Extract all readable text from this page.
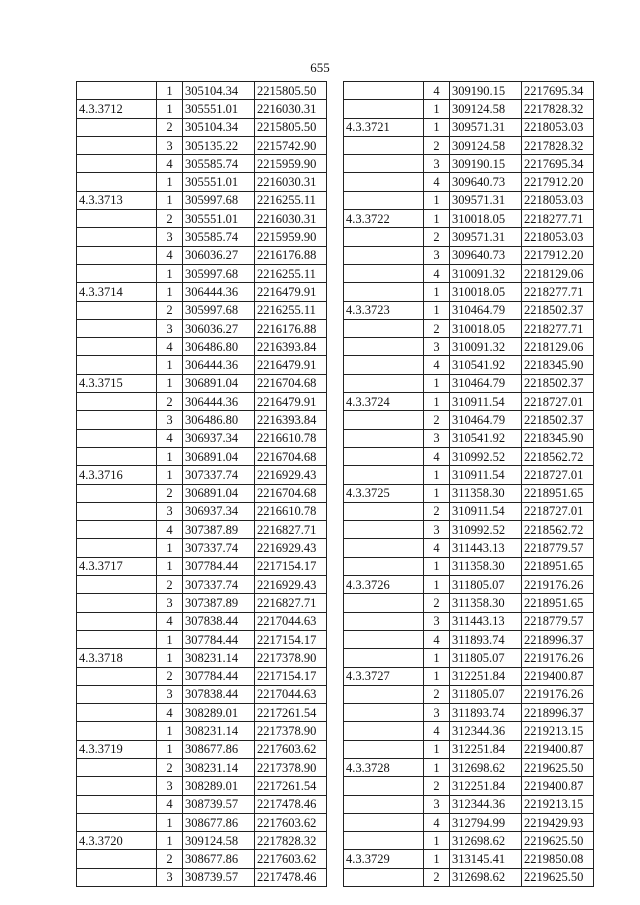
655
	1	305104.34	2215805.50
4.3.3712	1	305551.01	2216030.31
	2	305104.34	2215805.50
	3	305135.22	2215742.90
	4	305585.74	2215959.90
	1	305551.01	2216030.31
4.3.3713	1	305997.68	2216255.11
	2	305551.01	2216030.31
	3	305585.74	2215959.90
	4	306036.27	2216176.88
	1	305997.68	2216255.11
4.3.3714	1	306444.36	2216479.91
	2	305997.68	2216255.11
	3	306036.27	2216176.88
	4	306486.80	2216393.84
	1	306444.36	2216479.91
4.3.3715	1	306891.04	2216704.68
	2	306444.36	2216479.91
	3	306486.80	2216393.84
	4	306937.34	2216610.78
	1	306891.04	2216704.68
4.3.3716	1	307337.74	2216929.43
	2	306891.04	2216704.68
	3	306937.34	2216610.78
	4	307387.89	2216827.71
	1	307337.74	2216929.43
4.3.3717	1	307784.44	2217154.17
	2	307337.74	2216929.43
	3	307387.89	2216827.71
	4	307838.44	2217044.63
	1	307784.44	2217154.17
4.3.3718	1	308231.14	2217378.90
	2	307784.44	2217154.17
	3	307838.44	2217044.63
	4	308289.01	2217261.54
	1	308231.14	2217378.90
4.3.3719	1	308677.86	2217603.62
	2	308231.14	2217378.90
	3	308289.01	2217261.54
	4	308739.57	2217478.46
	1	308677.86	2217603.62
4.3.3720	1	309124.58	2217828.32
	2	308677.86	2217603.62
	3	308739.57	2217478.46
	4	309190.15	2217695.34
	1	309124.58	2217828.32
4.3.3721	1	309571.31	2218053.03
	2	309124.58	2217828.32
	3	309190.15	2217695.34
	4	309640.73	2217912.20
	1	309571.31	2218053.03
4.3.3722	1	310018.05	2218277.71
	2	309571.31	2218053.03
	3	309640.73	2217912.20
	4	310091.32	2218129.06
	1	310018.05	2218277.71
4.3.3723	1	310464.79	2218502.37
	2	310018.05	2218277.71
	3	310091.32	2218129.06
	4	310541.92	2218345.90
	1	310464.79	2218502.37
4.3.3724	1	310911.54	2218727.01
	2	310464.79	2218502.37
	3	310541.92	2218345.90
	4	310992.52	2218562.72
	1	310911.54	2218727.01
4.3.3725	1	311358.30	2218951.65
	2	310911.54	2218727.01
	3	310992.52	2218562.72
	4	311443.13	2218779.57
	1	311358.30	2218951.65
4.3.3726	1	311805.07	2219176.26
	2	311358.30	2218951.65
	3	311443.13	2218779.57
	4	311893.74	2218996.37
	1	311805.07	2219176.26
4.3.3727	1	312251.84	2219400.87
	2	311805.07	2219176.26
	3	311893.74	2218996.37
	4	312344.36	2219213.15
	1	312251.84	2219400.87
4.3.3728	1	312698.62	2219625.50
	2	312251.84	2219400.87
	3	312344.36	2219213.15
	4	312794.99	2219429.93
	1	312698.62	2219625.50
4.3.3729	1	313145.41	2219850.08
	2	312698.62	2219625.50
